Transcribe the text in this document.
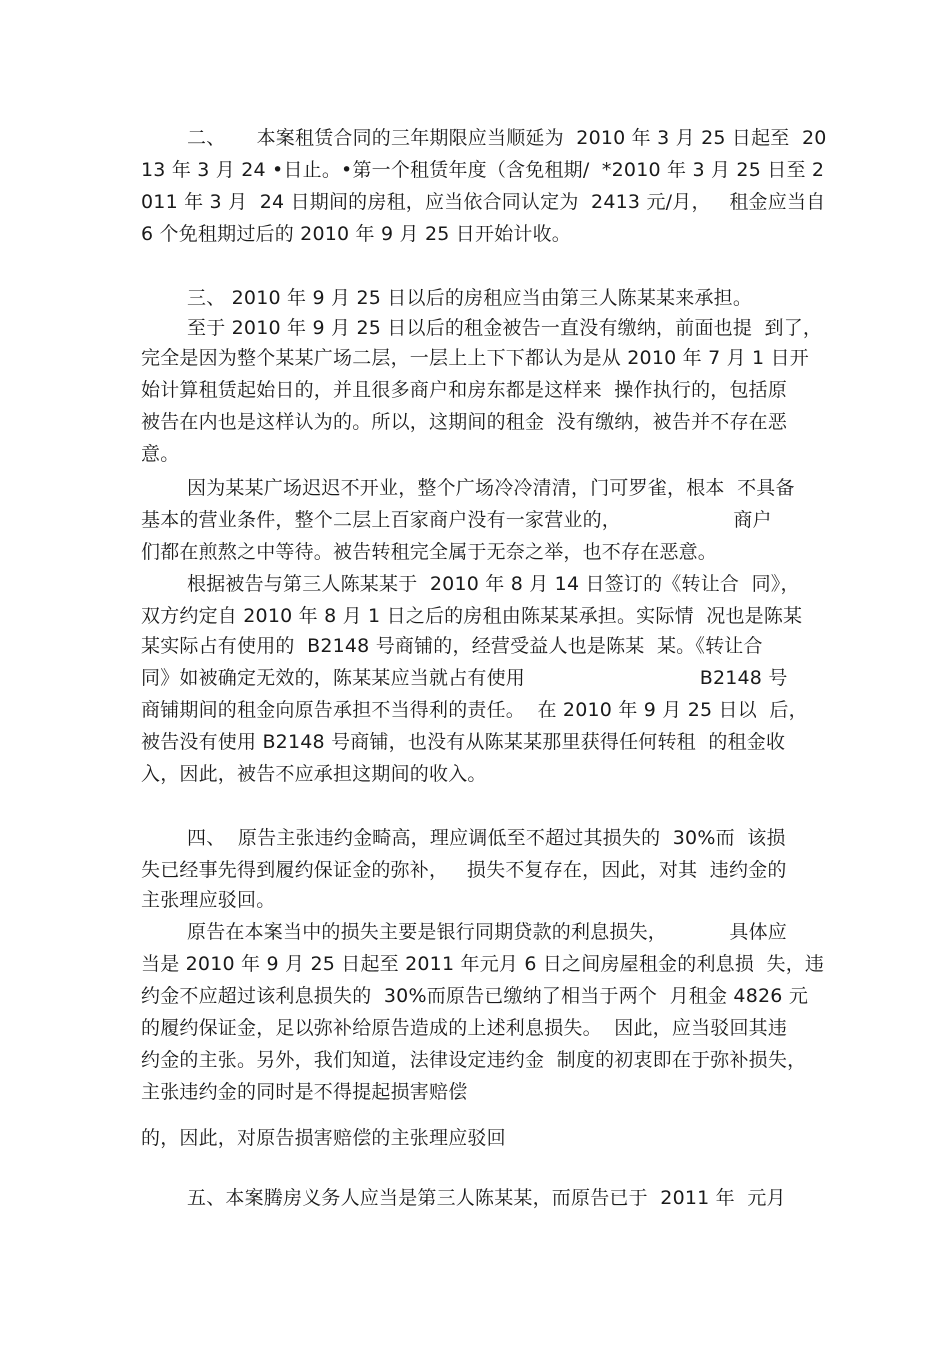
二、     本案租赁合同的三年期限应当顺延为  2010 年 3 月 25 日起至  20

13 年 3 月 24 •日止。•第一个租赁年度（含免租期/  *2010 年 3 月 25 日至 2

011 年 3 月  24 日期间的房租，应当依合同认定为  2413 元/月，   租金应当自

6 个免租期过后的 2010 年 9 月 25 日开始计收。

三、 2010 年 9 月 25 日以后的房租应当由第三人陈某某来承担。

至于 2010 年 9 月 25 日以后的租金被告一直没有缴纳，前面也提  到了，

完全是因为整个某某广场二层，一层上上下下都认为是从 2010 年 7 月 1 日开

始计算租赁起始日的，并且很多商户和房东都是这样来  操作执行的，包括原

被告在内也是这样认为的。所以，这期间的租金  没有缴纳，被告并不存在恶

意。

因为某某广场迟迟不开业，整个广场冷冷清清，门可罗雀，根本  不具备

基本的营业条件，整个二层上百家商户没有一家营业的，                  商户

们都在煎熬之中等待。被告转租完全属于无奈之举，也不存在恶意。

根据被告与第三人陈某某于  2010 年 8 月 14 日签订的《转让合  同》，

双方约定自 2010 年 8 月 1 日之后的房租由陈某某承担。实际情  况也是陈某

某实际占有使用的  B2148 号商铺的，经营受益人也是陈某  某。《转让合

同》如被确定无效的，陈某某应当就占有使用                            B2148 号

商铺期间的租金向原告承担不当得利的责任。  在 2010 年 9 月 25 日以  后，

被告没有使用 B2148 号商铺，也没有从陈某某那里获得任何转租  的租金收

入，因此，被告不应承担这期间的收入。

四、  原告主张违约金畸高，理应调低至不超过其损失的  30%而  该损

失已经事先得到履约保证金的弥补，   损失不复存在，因此，对其  违约金的

主张理应驳回。

原告在本案当中的损失主要是银行同期贷款的利息损失，          具体应

当是 2010 年 9 月 25 日起至 2011 年元月 6 日之间房屋租金的利息损  失，违

约金不应超过该利息损失的  30%而原告已缴纳了相当于两个  月租金 4826 元

的履约保证金，足以弥补给原告造成的上述利息损失。  因此，应当驳回其违

约金的主张。另外，我们知道，法律设定违约金  制度的初衷即在于弥补损失，

主张违约金的同时是不得提起损害赔偿

的，因此，对原告损害赔偿的主张理应驳回

五、本案腾房义务人应当是第三人陈某某，而原告已于  2011 年  元月
